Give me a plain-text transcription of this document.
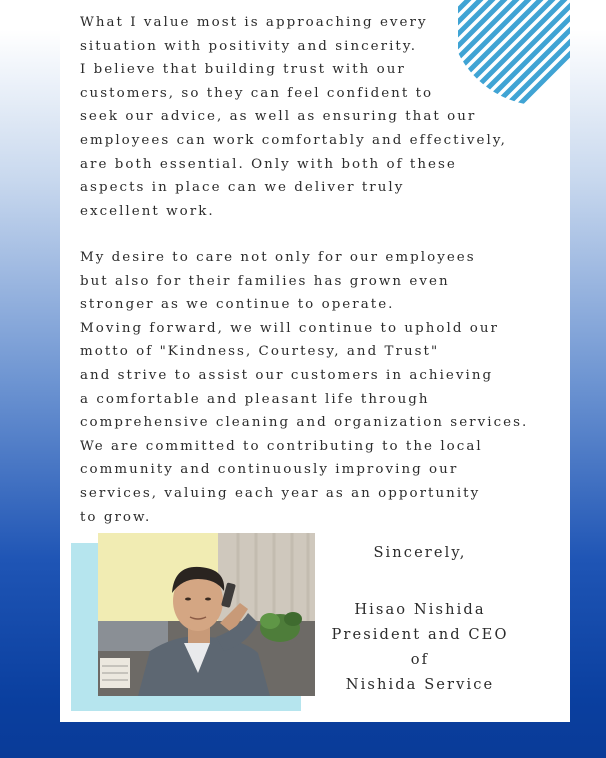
What I value most is approaching every
situation with positivity and sincerity.
I believe that building trust with our
customers, so they can feel confident to
seek our advice, as well as ensuring that our
employees can work comfortably and effectively,
are both essential. Only with both of these
aspects in place can we deliver truly
excellent work.

My desire to care not only for our employees
but also for their families has grown even
stronger as we continue to operate.
Moving forward, we will continue to uphold our
motto of "Kindness, Courtesy, and Trust"
and strive to assist our customers in achieving
a comfortable and pleasant life through
comprehensive cleaning and organization services.
We are committed to contributing to the local
community and continuously improving our
services, valuing each year as an opportunity
to grow.

Sincerely,
Hisao Nishida
President and CEO of
Nishida Service
